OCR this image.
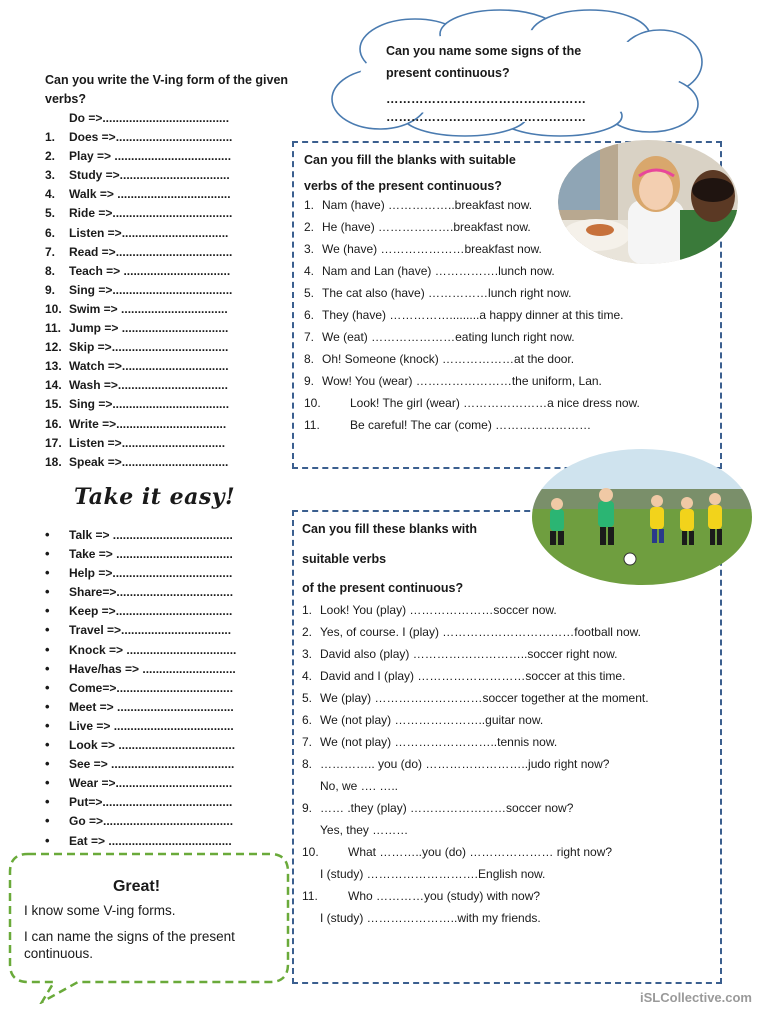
Can you name some signs of the
present continuous?
…………………………………………
…………………………………………
Can you write the V-ing form of the given
verbs?
Do =>......................................
1. Does =>...................................
2. Play => ...................................
3. Study =>.................................
4. Walk => ..................................
5. Ride =>....................................
6. Listen =>................................
7. Read =>...................................
8. Teach => ................................
9. Sing =>....................................
10. Swim => ................................
11. Jump => ................................
12. Skip =>...................................
13. Watch =>................................
14. Wash =>.................................
15. Sing =>...................................
16. Write =>.................................
17. Listen =>...............................
18. Speak =>................................
Take it easy!
• Talk => ....................................
• Take => ...................................
• Help =>....................................
• Share=>...................................
• Keep =>...................................
• Travel =>.................................
• Knock => .................................
• Have/has => ............................
• Come=>...................................
• Meet => ...................................
• Live => ....................................
• Look => ...................................
• See => .....................................
• Wear =>...................................
• Put=>.......................................
• Go =>.......................................
• Eat => .....................................
Can you fill the blanks with suitable
verbs of the present continuous?
1. Nam (have) ……………..breakfast now.
2. He (have) ……………….breakfast now.
3. We (have) …………………breakfast now.
4. Nam and Lan (have) …………….lunch now.
5. The cat also (have) ……………lunch right now.
6. They (have) …………….........a happy dinner at this time.
7. We (eat) …………………eating lunch right now.
8. Oh! Someone (knock) ………………at the door.
9. Wow! You (wear) ……………………the uniform, Lan.
10. Look! The girl (wear) …………………a nice dress now.
11.	Be careful! The car (come) ……………………
Can you fill these blanks with
suitable verbs
of the present continuous?
1. Look! You (play) …………………soccer now.
2. Yes, of course. I (play) ……………………………football now.
3. David also (play) ………………………..soccer right now.
4. David and I (play) ………………………soccer at this time.
5. We (play) ………………………soccer together at the moment.
6. We (not play) …………………..guitar now.
7. We (not play) ……………………..tennis now.
8. ………….. you (do) ……………………..judo right now?
No, we …. …..
9. …… .they (play) ……………………soccer now?
Yes, they ………
10. What ………..you (do) ………………… right now?
I (study) ……………………….English now.
11.	Who …………you (study) with now?
I (study) …………………..with my friends.
Great!
I know some V-ing forms.
I can name the signs of the present continuous.
iSLCollective.com
